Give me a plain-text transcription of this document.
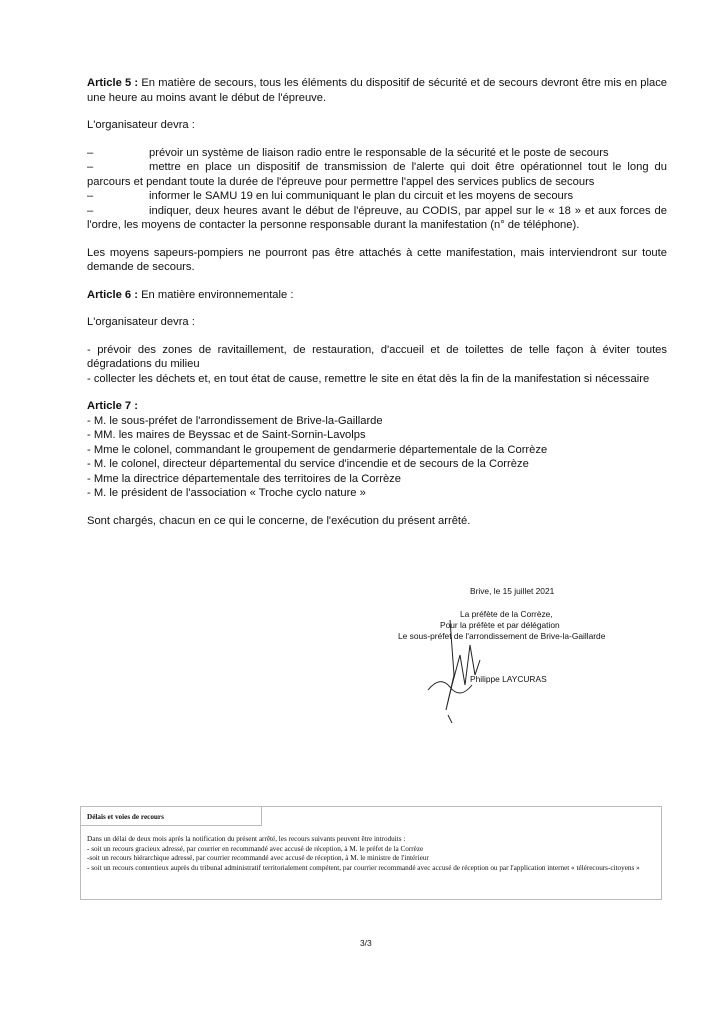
Article 5 : En matière de secours, tous les éléments du dispositif de sécurité et de secours devront être mis en place une heure au moins avant le début de l'épreuve.

L'organisateur devra :

–	prévoir un système de liaison radio entre le responsable de la sécurité et le poste de secours
–	mettre en place un dispositif de transmission de l'alerte qui doit être opérationnel tout le long du parcours et pendant toute la durée de l'épreuve pour permettre l'appel des services publics de secours
–	informer le SAMU 19 en lui communiquant le plan du circuit et les moyens de secours
–	indiquer, deux heures avant le début de l'épreuve, au CODIS, par appel sur le « 18 » et aux forces de l'ordre, les moyens de contacter la personne responsable durant la manifestation (n° de téléphone).

Les moyens sapeurs-pompiers ne pourront pas être attachés à cette manifestation, mais interviendront sur toute demande de secours.

Article 6 : En matière environnementale :

L'organisateur devra :

- prévoir des zones de ravitaillement, de restauration, d'accueil et de toilettes de telle façon à éviter toutes dégradations du milieu
- collecter les déchets et, en tout état de cause, remettre le site en état dès la fin de la manifestation si nécessaire
Article 7 :
- M. le sous-préfet de l'arrondissement de Brive-la-Gaillarde
- MM. les maires de Beyssac et de Saint-Sornin-Lavolps
- Mme le colonel, commandant le groupement de gendarmerie départementale de la Corrèze
- M. le colonel, directeur départemental du service d'incendie et de secours de la Corrèze
- Mme la directrice départementale des territoires de la Corrèze
- M. le président de l'association « Troche cyclo nature »

Sont chargés, chacun en ce qui le concerne, de l'exécution du présent arrêté.

Brive, le 15 juillet 2021
La préfète de la Corrèze,
Pour la préfète et par délégation
Le sous-préfet de l'arrondissement de Brive-la-Gaillarde
Philippe LAYCURAS
Délais et voies de recours
Dans un délai de deux mois après la notification du présent arrêté, les recours suivants peuvent être introduits :
- soit un recours gracieux adressé, par courrier en recommandé avec accusé de réception, à M. le préfet de la Corrèze
-soit un recours hiérarchique adressé, par courrier recommandé avec accusé de réception, à M. le ministre de l'intérieur
- soit un recours contentieux auprès du tribunal administratif territorialement compétent, par courrier recommandé avec accusé de réception ou par l'application internet « télérecours-citoyens »
3/3
